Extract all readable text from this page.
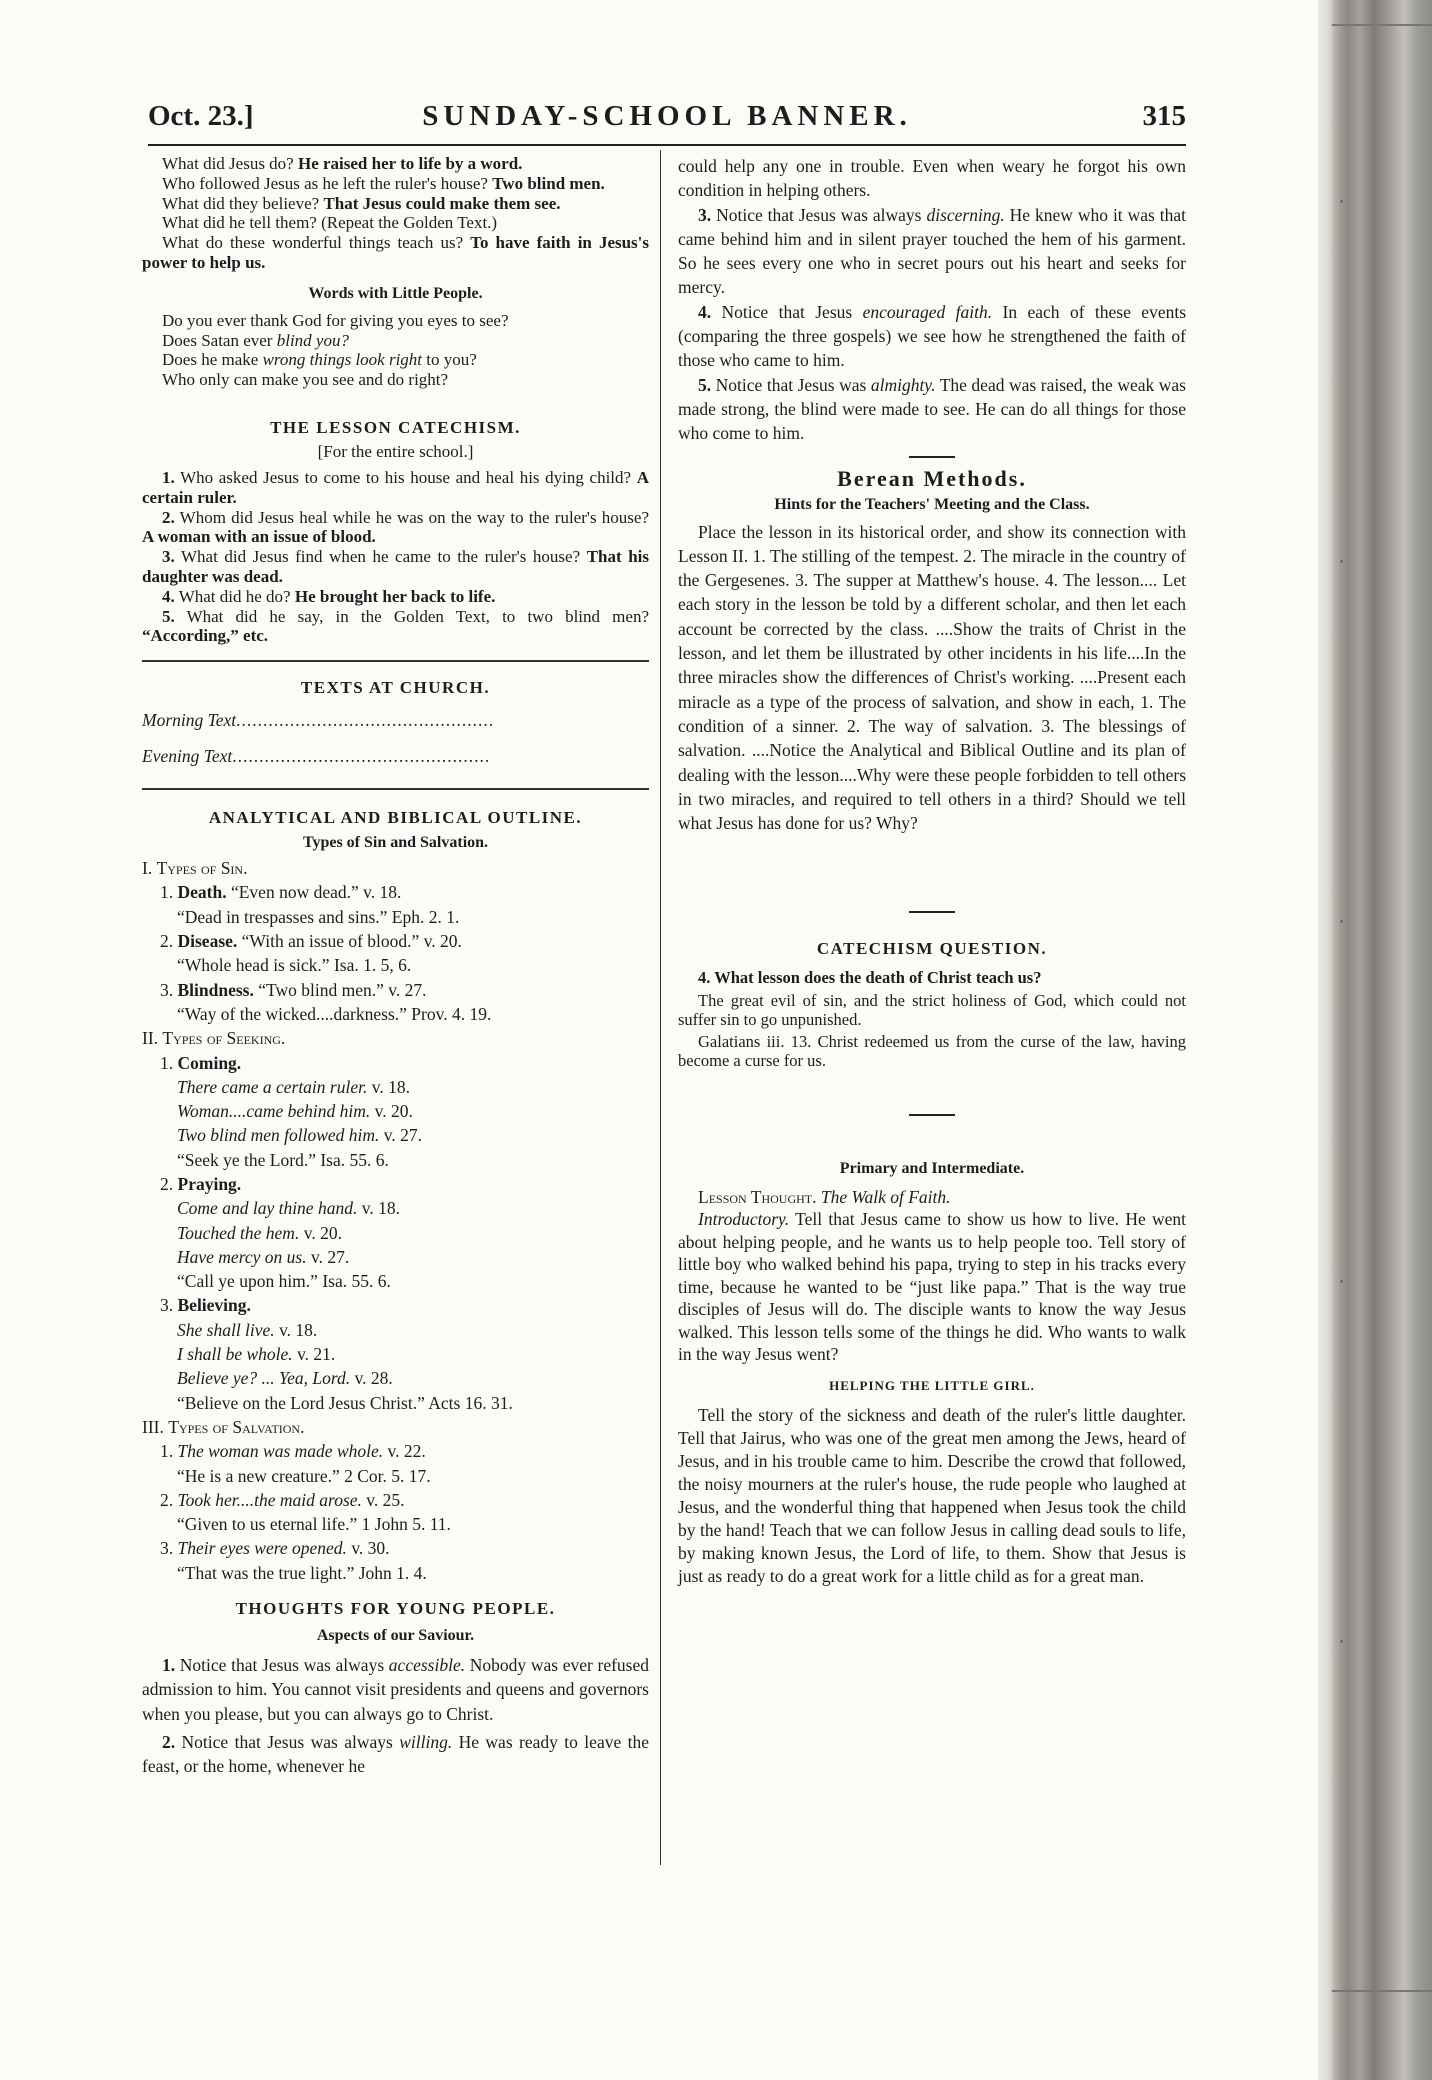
Oct. 23.]	SUNDAY-SCHOOL BANNER.	315

What did Jesus do? He raised her to life by a word.

Who followed Jesus as he left the ruler's house? Two blind men.

What did they believe? That Jesus could make them see.

What did he tell them? (Repeat the Golden Text.)

What do these wonderful things teach us? To have faith in Jesus's power to help us.

Words with Little People.

Do you ever thank God for giving you eyes to see?

Does Satan ever blind you?

Does he make wrong things look right to you?

Who only can make you see and do right?

THE LESSON CATECHISM.

[For the entire school.]

1. Who asked Jesus to come to his house and heal his dying child? A certain ruler.

2. Whom did Jesus heal while he was on the way to the ruler's house? A woman with an issue of blood.

3. What did Jesus find when he came to the ruler's house? That his daughter was dead.

4. What did he do? He brought her back to life.

5. What did he say, in the Golden Text, to two blind men? “According,” etc.

TEXTS AT CHURCH.

Morning Text................................................
Evening Text................................................

ANALYTICAL AND BIBLICAL OUTLINE.

Types of Sin and Salvation.

I. Types of Sin.

1. Death. “Even now dead.” v. 18.

“Dead in trespasses and sins.” Eph. 2. 1.

2. Disease. “With an issue of blood.” v. 20.

“Whole head is sick.” Isa. 1. 5, 6.

3. Blindness. “Two blind men.” v. 27.

“Way of the wicked....darkness.” Prov. 4. 19.

II. Types of Seeking.

1. Coming.

There came a certain ruler. v. 18.

Woman....came behind him. v. 20.

Two blind men followed him. v. 27.

“Seek ye the Lord.” Isa. 55. 6.

2. Praying.

Come and lay thine hand. v. 18.

Touched the hem. v. 20.

Have mercy on us. v. 27.

“Call ye upon him.” Isa. 55. 6.

3. Believing.

She shall live. v. 18.

I shall be whole. v. 21.

Believe ye? ... Yea, Lord. v. 28.

“Believe on the Lord Jesus Christ.” Acts 16. 31.

III. Types of Salvation.

1. The woman was made whole. v. 22.

“He is a new creature.” 2 Cor. 5. 17.

2. Took her....the maid arose. v. 25.

“Given to us eternal life.” 1 John 5. 11.

3. Their eyes were opened. v. 30.

“That was the true light.” John 1. 4.

THOUGHTS FOR YOUNG PEOPLE.

Aspects of our Saviour.

1. Notice that Jesus was always accessible. Nobody was ever refused admission to him. You cannot visit presidents and queens and governors when you please, but you can always go to Christ.

2. Notice that Jesus was always willing. He was ready to leave the feast, or the home, whenever he

could help any one in trouble. Even when weary he forgot his own condition in helping others.

3. Notice that Jesus was always discerning. He knew who it was that came behind him and in silent prayer touched the hem of his garment. So he sees every one who in secret pours out his heart and seeks for mercy.

4. Notice that Jesus encouraged faith. In each of these events (comparing the three gospels) we see how he strengthened the faith of those who came to him.

5. Notice that Jesus was almighty. The dead was raised, the weak was made strong, the blind were made to see. He can do all things for those who come to him.

Berean Methods.

Hints for the Teachers' Meeting and the Class.

Place the lesson in its historical order, and show its connection with Lesson II. 1. The stilling of the tempest. 2. The miracle in the country of the Gergesenes. 3. The supper at Matthew's house. 4. The lesson.... Let each story in the lesson be told by a different scholar, and then let each account be corrected by the class. ....Show the traits of Christ in the lesson, and let them be illustrated by other incidents in his life....In the three miracles show the differences of Christ's working. ....Present each miracle as a type of the process of salvation, and show in each, 1. The condition of a sinner. 2. The way of salvation. 3. The blessings of salvation. ....Notice the Analytical and Biblical Outline and its plan of dealing with the lesson....Why were these people forbidden to tell others in two miracles, and required to tell others in a third? Should we tell what Jesus has done for us? Why?

CATECHISM QUESTION.

4. What lesson does the death of Christ teach us?

The great evil of sin, and the strict holiness of God, which could not suffer sin to go unpunished.

Galatians iii. 13. Christ redeemed us from the curse of the law, having become a curse for us.

Primary and Intermediate.

Lesson Thought. The Walk of Faith.

Introductory. Tell that Jesus came to show us how to live. He went about helping people, and he wants us to help people too. Tell story of little boy who walked behind his papa, trying to step in his tracks every time, because he wanted to be “just like papa.” That is the way true disciples of Jesus will do. The disciple wants to know the way Jesus walked. This lesson tells some of the things he did. Who wants to walk in the way Jesus went?

HELPING THE LITTLE GIRL.

Tell the story of the sickness and death of the ruler's little daughter. Tell that Jairus, who was one of the great men among the Jews, heard of Jesus, and in his trouble came to him. Describe the crowd that followed, the noisy mourners at the ruler's house, the rude people who laughed at Jesus, and the wonderful thing that happened when Jesus took the child by the hand! Teach that we can follow Jesus in calling dead souls to life, by making known Jesus, the Lord of life, to them. Show that Jesus is just as ready to do a great work for a little child as for a great man.
